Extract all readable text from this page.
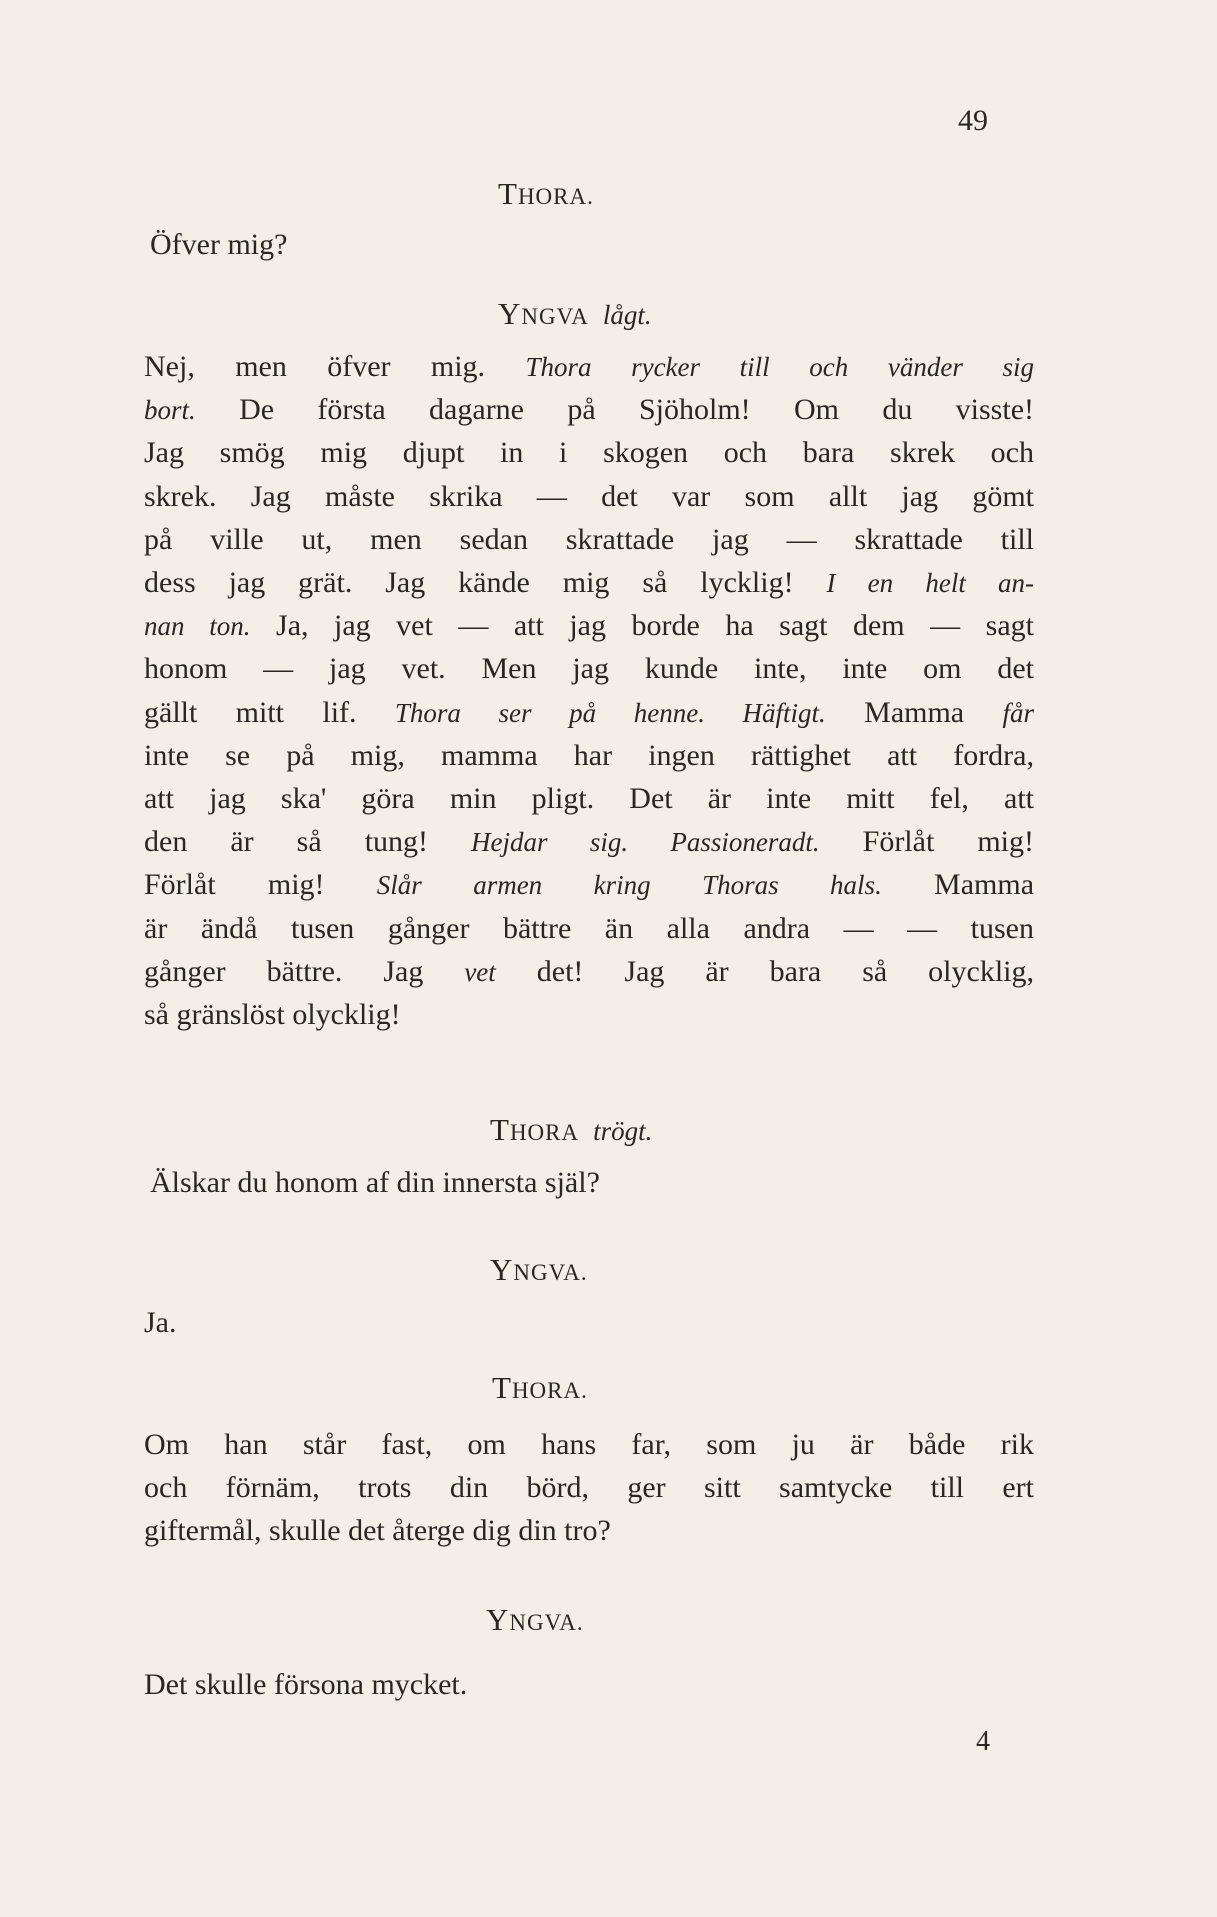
49
THORA.
Öfver mig?
YNGVA lågt.
Nej, men öfver mig. Thora rycker till och vänder sig
bort. De första dagarne på Sjöholm! Om du visste!
Jag smög mig djupt in i skogen och bara skrek och
skrek. Jag måste skrika — det var som allt jag gömt
på ville ut, men sedan skrattade jag — skrattade till
dess jag grät. Jag kände mig så lycklig! I en helt an-
nan ton. Ja, jag vet — att jag borde ha sagt dem — sagt
honom — jag vet. Men jag kunde inte, inte om det
gällt mitt lif. Thora ser på henne. Häftigt. Mamma får
inte se på mig, mamma har ingen rättighet att fordra,
att jag ska' göra min pligt. Det är inte mitt fel, att
den är så tung! Hejdar sig. Passioneradt. Förlåt mig!
Förlåt mig! Slår armen kring Thoras hals. Mamma
är ändå tusen gånger bättre än alla andra — — tusen
gånger bättre. Jag vet det! Jag är bara så olycklig,
så gränslöst olycklig!
THORA trögt.
Älskar du honom af din innersta själ?
YNGVA.
Ja.
THORA.
Om han står fast, om hans far, som ju är både rik
och förnäm, trots din börd, ger sitt samtycke till ert
giftermål, skulle det återge dig din tro?
YNGVA.
Det skulle försona mycket.
4
